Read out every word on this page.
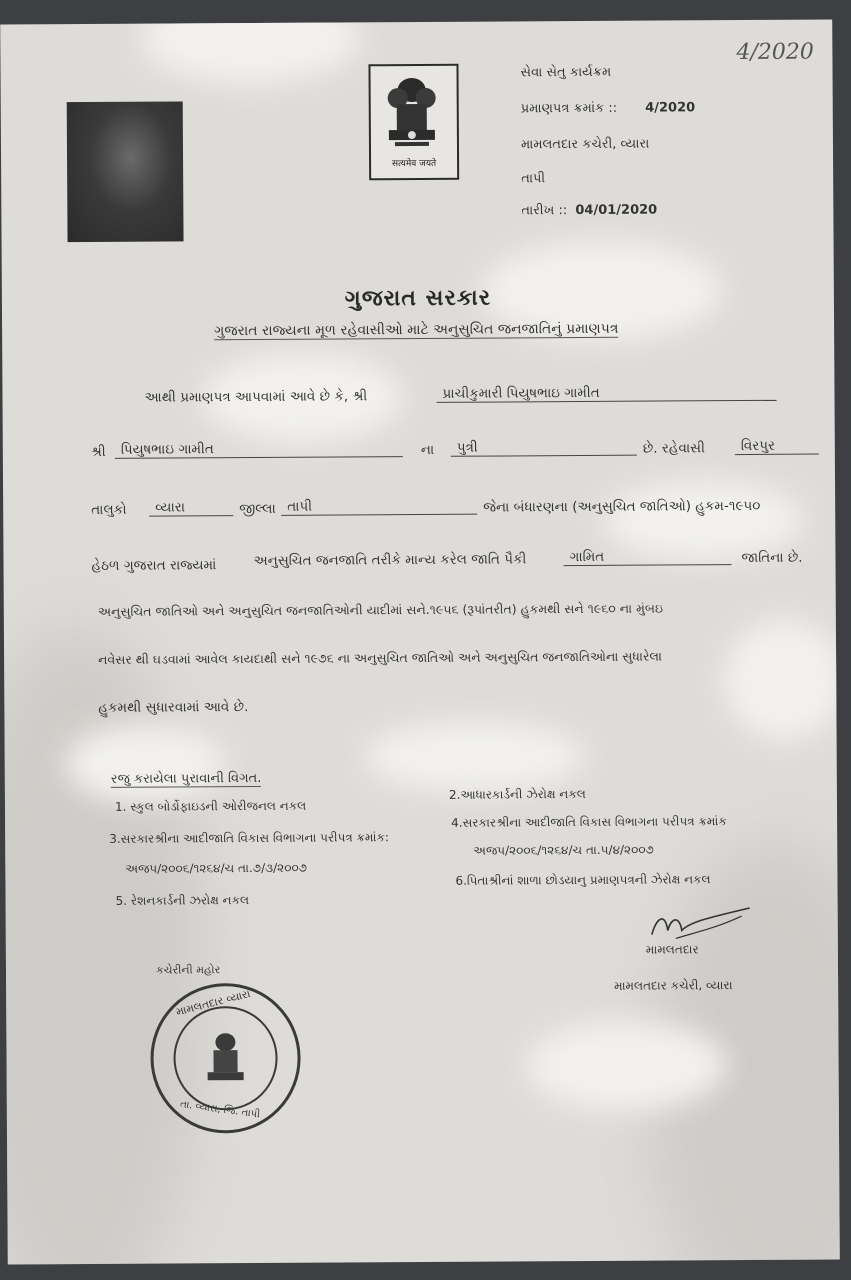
4/2020
सत्यमेव जयते
સેવા સેતુ કાર્યક્રમ
પ્રમાણપત્ર ક્રમાંક :: 4/2020
મામલતદાર કચેરી, વ્યારા
તાપી
તારીખ :: 04/01/2020
ગુજરાત સરકાર
ગુજરાત રાજ્યના મૂળ રહેવાસીઓ માટે અનુસુચિત જનજાતિનું પ્રમાણપત્ર
આથી પ્રમાણપત્ર આપવામાં આવે છે કે, શ્રી	પ્રાચીકુમારી પિયુષભાઇ ગામીત
શ્રી	પિયુષભાઇ ગામીત	ના	પુત્રી	છે. રહેવાસી	વિરપુર
તાલુકો	વ્યારા	જીલ્લા તાપી	જેના બંધારણના (અનુસુચિત જાતિઓ) હુકમ-૧૯૫૦
હેઠળ ગુજરાત રાજ્યમાં	અનુસુચિત જનજાતિ તરીકે માન્ય કરેલ જાતિ પૈકી	ગામિત	જાતિના છે.
અનુસુચિત જાતિઓ અને અનુસુચિત જનજાતિઓની યાદીમાં સને.૧૯૫૬ (રૂપાંતરીત) હુકમથી સને ૧૯૬૦ ના મુંબઇ
નવેસર થી ઘડવામાં આવેલ કાયદાથી સને ૧૯૭૬ ના અનુસુચિત જાતિઓ અને અનુસુચિત જનજાતિઓના સુધારેલા
હુકમથી સુધારવામાં આવે છે.
રજુ કરાયેલા પુરાવાની વિગત.
1. સ્કુલ બોર્ડોફાઇડની ઓરીજનલ નકલ
2.આધારકાર્ડની ઝેરોક્ષ નકલ
3.સરકારશ્રીના આદીજાતિ વિકાસ વિભાગના પરીપત્ર ક્રમાંક:
4.સરકારશ્રીના આદીજાતિ વિકાસ વિભાગના પરીપત્ર ક્રમાંક
અજપ/૨૦૦૬/૧૨૬૪/ચ તા.૭/૩/૨૦૦૭
અજપ/૨૦૦૬/૧૨૬૪/ચ તા.૫/૪/૨૦૦૭
5. રેશનકાર્ડની ઝરોક્ષ નકલ
6.પિતાશ્રીનાં શાળા છોડયાનુ પ્રમાણપત્રની ઝેરોક્ષ નકલ
કચેરીની મહોર
મામલતદાર વ્યારા
તા. વ્યારા, જિ. તાપી
મામલતદાર
મામલતદાર કચેરી, વ્યારા
